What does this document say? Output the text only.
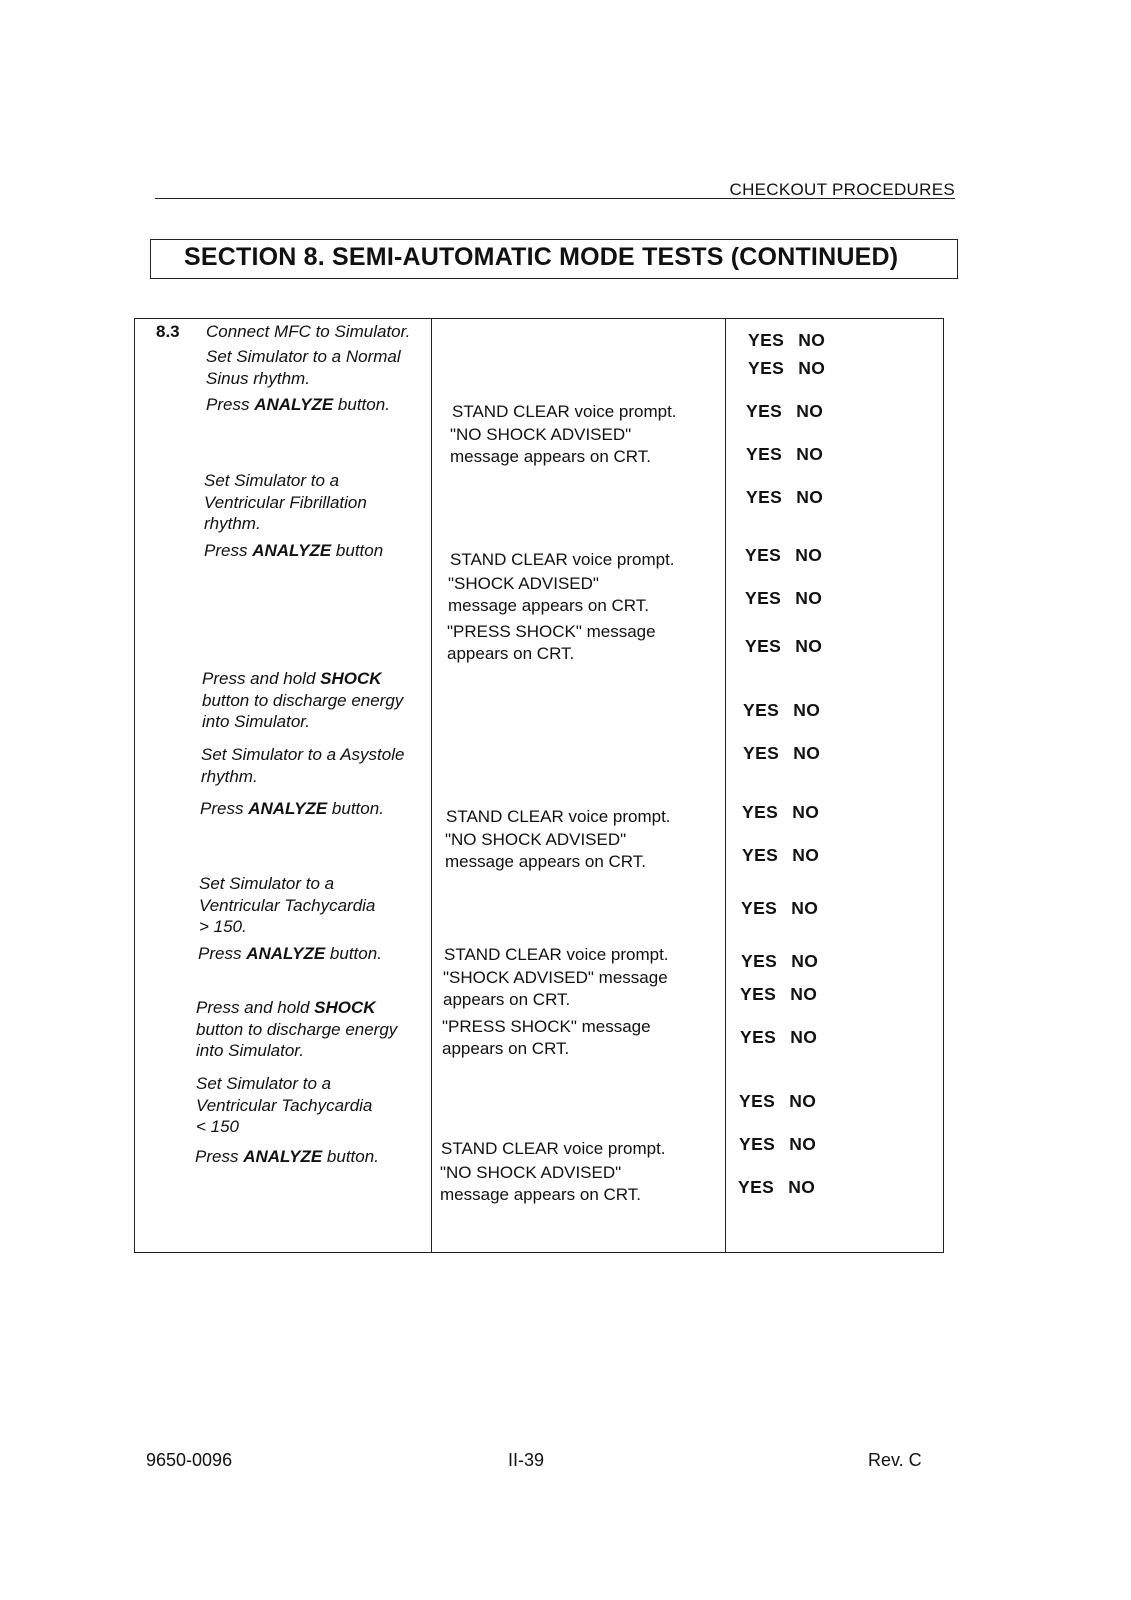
CHECKOUT PROCEDURES
SECTION 8. SEMI-AUTOMATIC MODE TESTS (CONTINUED)
8.3 Connect MFC to Simulator.
Set Simulator to a Normal
Sinus rhythm.
Press ANALYZE button.
Set Simulator to a
Ventricular Fibrillation
rhythm.
Press ANALYZE button
Press and hold SHOCK
button to discharge energy
into Simulator.
Set Simulator to a Asystole
rhythm.
Press ANALYZE button.
Set Simulator to a
Ventricular Tachycardia
> 150.
Press ANALYZE button.
Press and hold SHOCK
button to discharge energy
into Simulator.
Set Simulator to a
Ventricular Tachycardia
< 150
Press ANALYZE button.
STAND CLEAR voice prompt.
"NO SHOCK ADVISED"
message appears on CRT.
STAND CLEAR voice prompt.
"SHOCK ADVISED"
message appears on CRT.
"PRESS SHOCK" message
appears on CRT.
STAND CLEAR voice prompt.
"NO SHOCK ADVISED"
message appears on CRT.
STAND CLEAR voice prompt.
"SHOCK ADVISED" message
appears on CRT.
"PRESS SHOCK" message
appears on CRT.
STAND CLEAR voice prompt.
"NO SHOCK ADVISED"
message appears on CRT.
YES NO
YES NO
YES NO
YES NO
YES NO
YES NO
YES NO
YES NO
YES NO
YES NO
YES NO
YES NO
YES NO
YES NO
YES NO
YES NO
YES NO
YES NO
YES NO
9650-0096	II-39	Rev. C
